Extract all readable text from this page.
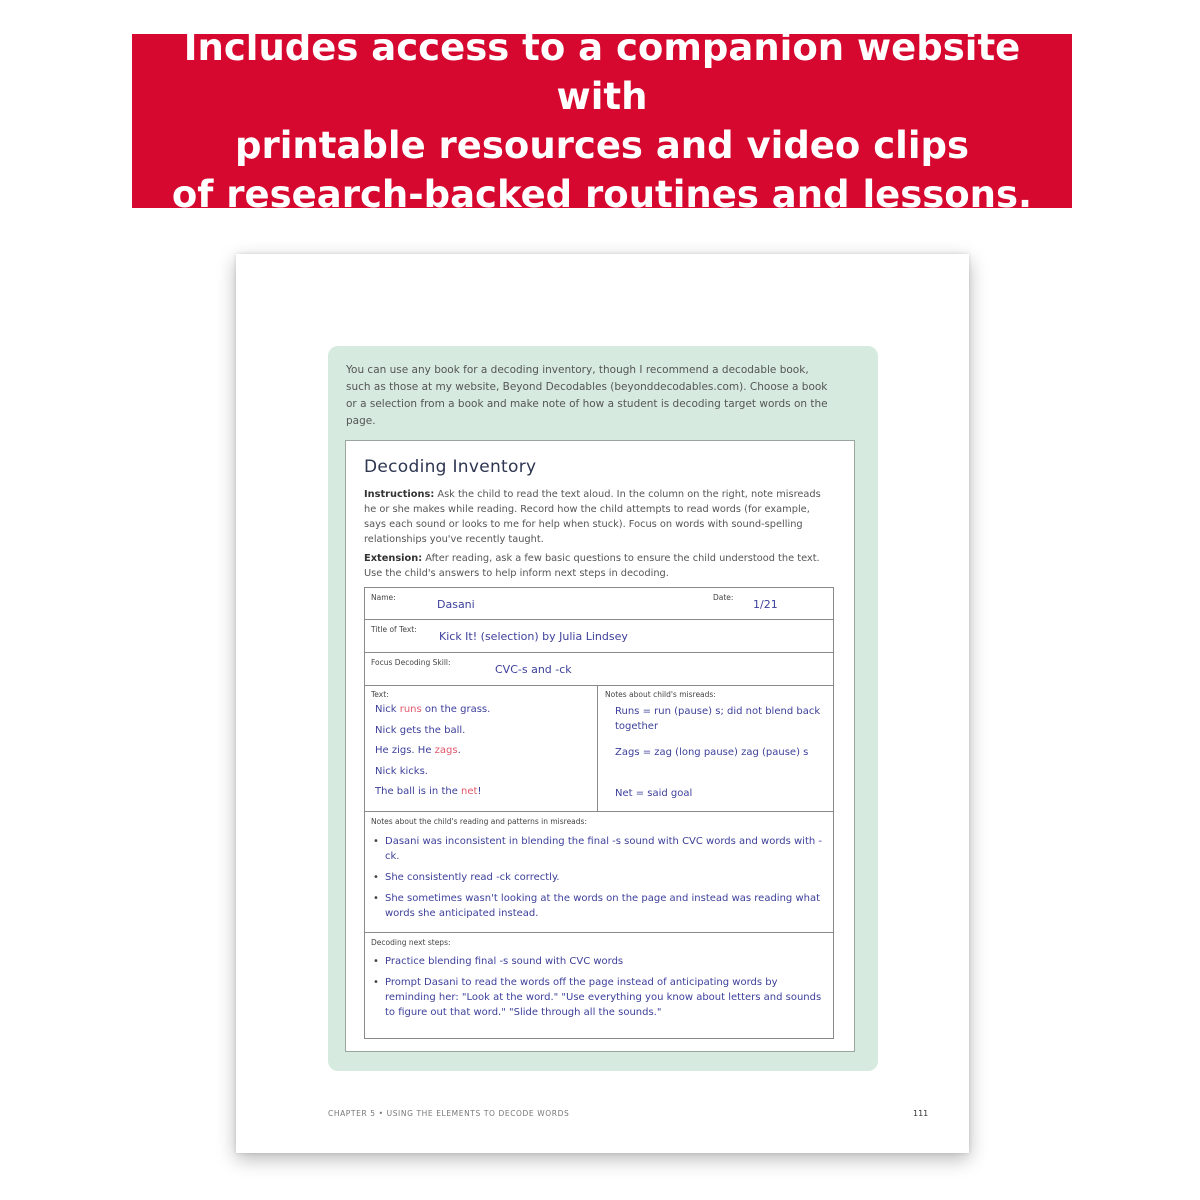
Includes access to a companion website with
printable resources and video clips
of research-backed routines and lessons.
You can use any book for a decoding inventory, though I recommend a decodable book, such as those at my website, Beyond Decodables (beyonddecodables.com). Choose a book or a selection from a book and make note of how a student is decoding target words on the page.
Decoding Inventory
Instructions: Ask the child to read the text aloud. In the column on the right, note misreads he or she makes while reading. Record how the child attempts to read words (for example, says each sound or looks to me for help when stuck). Focus on words with sound-spelling relationships you've recently taught.
Extension: After reading, ask a few basic questions to ensure the child understood the text. Use the child's answers to help inform next steps in decoding.
Name:
Dasani
Date:
1/21
Title of Text:
Kick It! (selection) by Julia Lindsey
Focus Decoding Skill:
CVC-s and -ck
Text:	Notes about child's misreads:
Nick runs on the grass.
Nick gets the ball.
He zigs. He zags.
Nick kicks.
The ball is in the net!
Runs = run (pause) s; did not blend back together
Zags = zag (long pause) zag (pause) s
Net = said goal
Notes about the child's reading and patterns in misreads:
• Dasani was inconsistent in blending the final -s sound with CVC words and words with -ck.
• She consistently read -ck correctly.
• She sometimes wasn't looking at the words on the page and instead was reading what words she anticipated instead.
Decoding next steps:
• Practice blending final -s sound with CVC words
• Prompt Dasani to read the words off the page instead of anticipating words by reminding her: "Look at the word." "Use everything you know about letters and sounds to figure out that word." "Slide through all the sounds."
CHAPTER 5 • USING THE ELEMENTS TO DECODE WORDS	111
